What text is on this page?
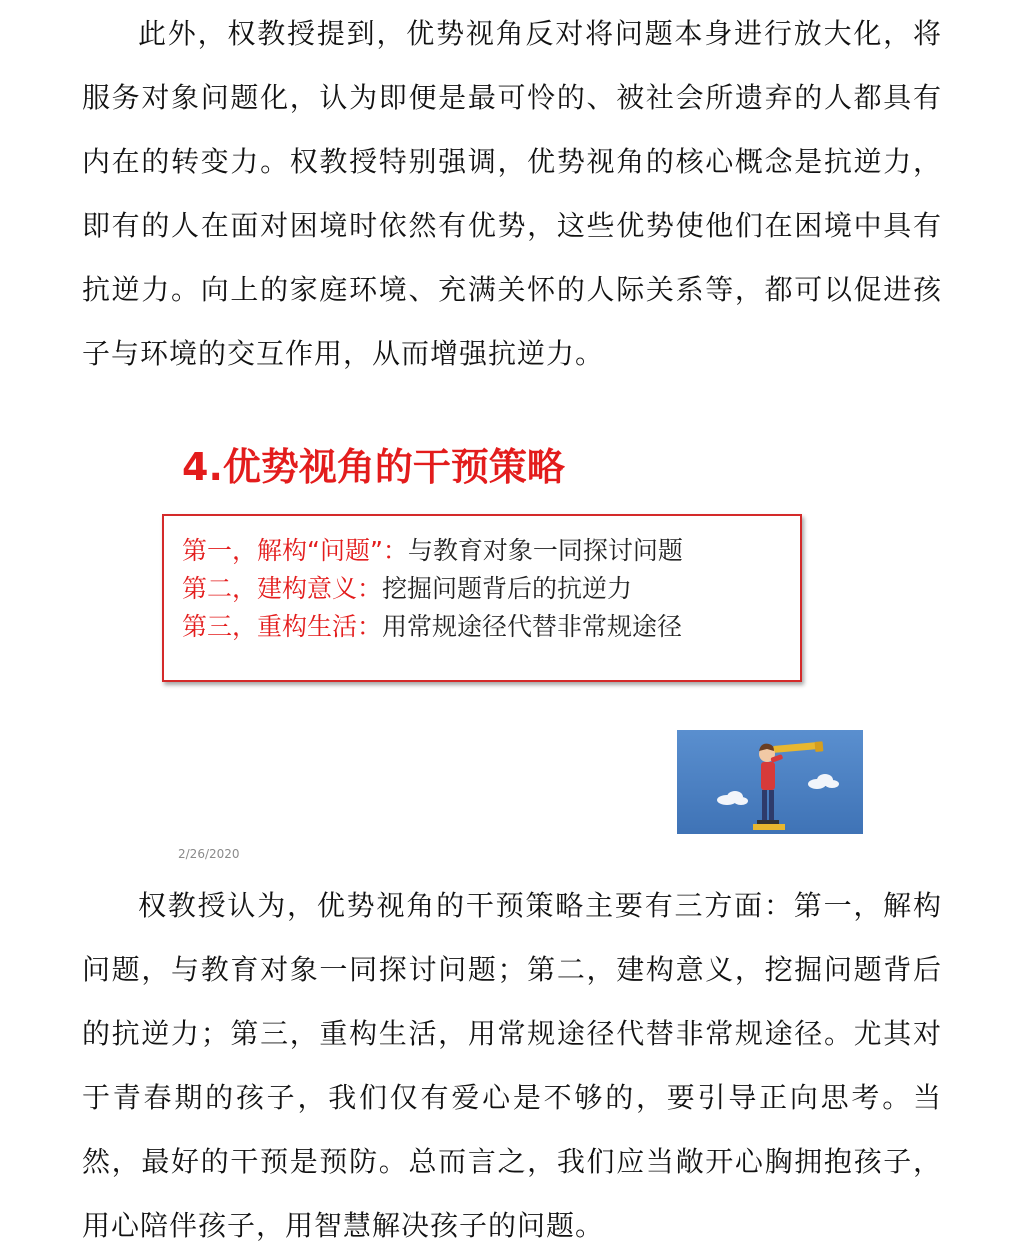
此外，权教授提到，优势视角反对将问题本身进行放大化，将服务对象问题化，认为即便是最可怜的、被社会所遗弃的人都具有内在的转变力。权教授特别强调，优势视角的核心概念是抗逆力，即有的人在面对困境时依然有优势，这些优势使他们在困境中具有抗逆力。向上的家庭环境、充满关怀的人际关系等，都可以促进孩子与环境的交互作用，从而增强抗逆力。

4.优势视角的干预策略
第一，解构“问题”：与教育对象一同探讨问题
第二，建构意义：挖掘问题背后的抗逆力
第三，重构生活：用常规途径代替非常规途径
2/26/2020

权教授认为，优势视角的干预策略主要有三方面：第一，解构问题，与教育对象一同探讨问题；第二，建构意义，挖掘问题背后的抗逆力；第三，重构生活，用常规途径代替非常规途径。尤其对于青春期的孩子，我们仅有爱心是不够的，要引导正向思考。当然，最好的干预是预防。总而言之，我们应当敞开心胸拥抱孩子，用心陪伴孩子，用智慧解决孩子的问题。
